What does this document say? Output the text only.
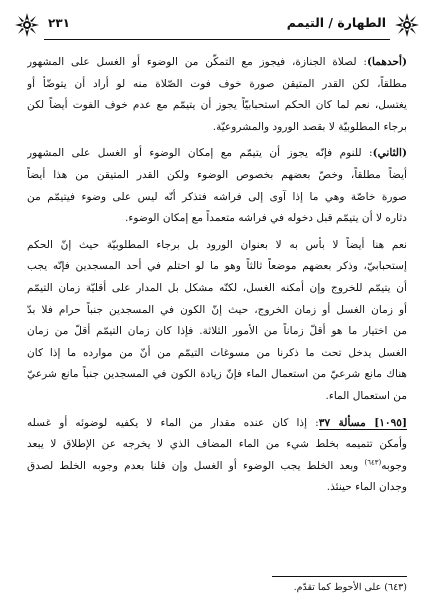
الطهارة / التيمم
٢٣١
(أحدهما): لصلاة الجنازة، فيجوز مع التمكّن من الوضوء أو الغسل على المشهور
مطلقاً، لكن القدر المتيقن صورة خوف فوت الصّلاة منه لو أراد أن يتوضّأ أو
يغتسل، نعم لما كان الحكم استحبابيّاً يجوز أن يتيمّم مع عدم خوف الفوت أيضاً لكن
برجاء المطلوبيّة لا بقصد الورود والمشروعيّة.
(الثاني): للنوم فإنّه يجوز أن يتيمّم مع إمكان الوضوء أو الغسل على المشهور
أيضاً مطلقاً، وخصّ بعضهم بخصوص الوضوء ولكن القدر المتيقن من هذا أيضاً
صورة خاصّة وهي ما إذا آوى إلى فراشه فتذكر أنّه ليس على وضوء فيتيمّم من
دثاره لا أن يتيمّم قبل دخوله في فراشه متعمداً مع إمكان الوضوء.
نعم هنا أيضاً لا بأس به لا بعنوان الورود بل برجاء المطلوبيّة حيث إنّ الحكم
إستحبابيّ، وذكر بعضهم موضعاً ثالثاً وهو ما لو احتلم في أحد المسجدين فإنّه يجب
أن يتيمّم للخروج وإن أمكنه الغسل، لكنّه مشكل بل المدار على أقليّة زمان التيمّم
أو زمان الغسل أو زمان الخروج، حيث إنّ الكون في المسجدين جنباً حرام فلا بدّ
من اختيار ما هو أقلّ زماناً من الأمور الثلاثة. فإذا كان زمان التيمّم أقلّ من زمان
الغسل يدخل تحت ما ذكرنا من مسوغات التيمّم من أنّ من موارده ما إذا كان
هناك مانع شرعيّ من استعمال الماء فإنّ زيادة الكون في المسجدين جنباً مانع شرعيّ
من استعمال الماء.
[١٠٩٥] مسألة ٣٧: إذا كان عنده مقدار من الماء لا يكفيه لوضوئه أو غسله
وأمكن تتميمه بخلط شيء من الماء المضاف الذي لا يخرجه عن الإطلاق لا يبعد
وجوبه$^{(٦٤٣)}$ وبعد الخلط يجب الوضوء أو الغسل وإن قلنا بعدم وجوبه الخلط لصدق
وجدان الماء حينئذ.
(٦٤٣) على الأحوط كما تقدّم.
